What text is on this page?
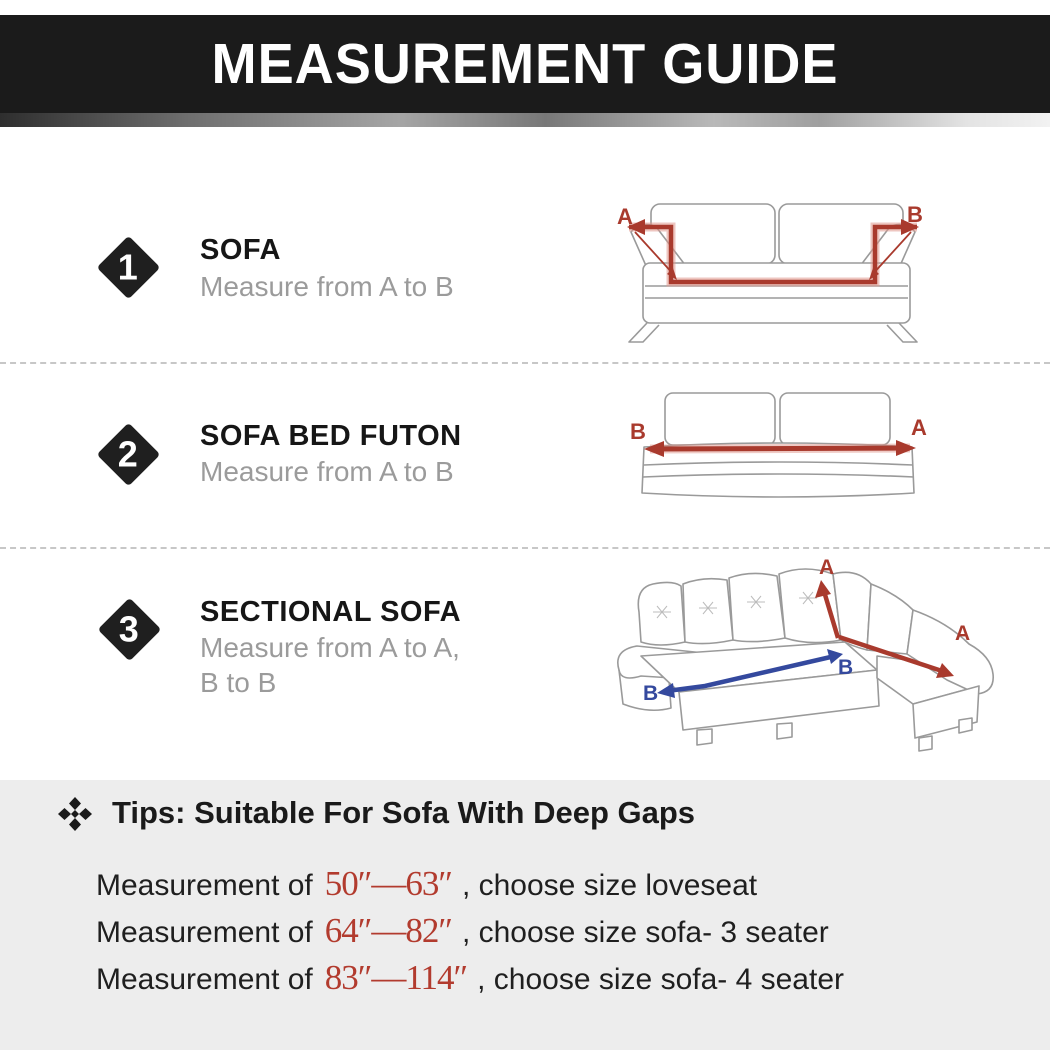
MEASUREMENT GUIDE
1 SOFA
Measure from A to B
A	B
2 SOFA BED FUTON
Measure from A to B
B	A
3 SECTIONAL SOFA
Measure from A to A,
B to B
A
A
B
B
Tips: Suitable For Sofa With Deep Gaps
Measurement of 50″—63″ , choose size loveseat
Measurement of 64″—82″ , choose size sofa- 3 seater
Measurement of 83″—114″ , choose size sofa- 4 seater
